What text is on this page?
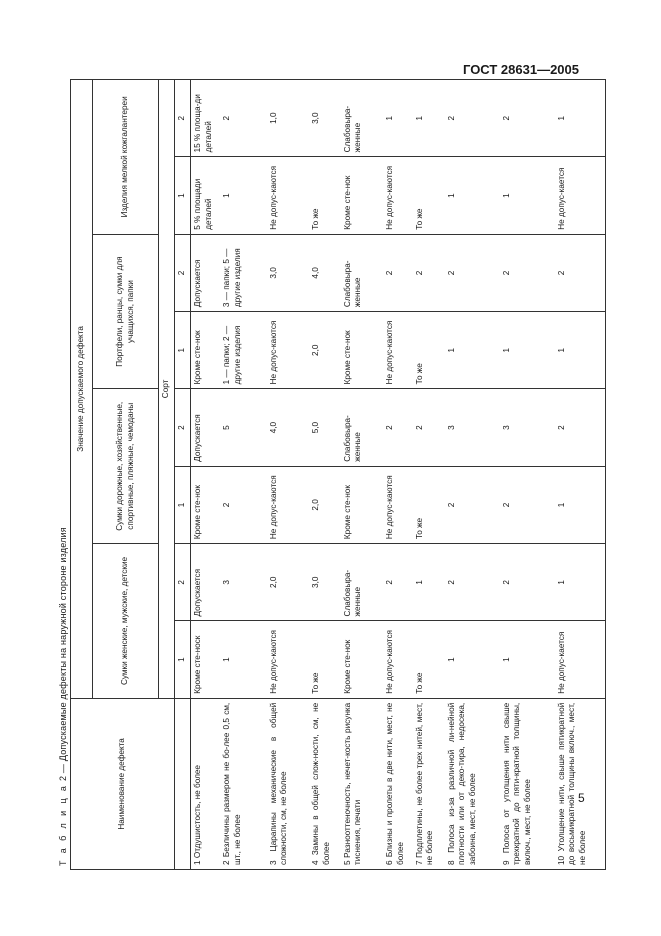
ГОСТ 28631—2005
Т а б л и ц а 2 — Допускаемые дефекты на наружной стороне изделия
Наименование дефекта	Значение допускаемого дефекта							
	Сумки женские, мужские, детские		Сумки дорожные, хозяйственные, спортивные, пляжные, чемоданы		Портфели, ранцы, сумки для учащихся, папки		Изделия мелкой кожгалантереи	
	Сорт							
	1	2	1	2	1	2	1	2
1 Отдушистость, не более	Кроме сте-носк	Допускается	Кроме сте-нок	Допускается	Кроме сте-нок	Допускается	5 % площади деталей	15 % площа-ди деталей
2 Безличины размером не бо-лее 0,5 см, шт., не более	1	3	2	5	1 — папки; 2 — другие изделия	3 — папки; 5 — другие изделия	1	2
3 Царапины механические в общей сложности, см, не более	Не допус-каются	2,0	Не допус-каются	4,0	Не допус-каются	3,0	Не допус-каются	1,0
4 Замины в общей слож-ности, см, не более	То же	3,0	2,0	5,0	2,0	4,0	То же	3,0
5 Разнооттеночность, нечет-кость рисунка тиснения, печати	Кроме сте-нок	Слабовыра-женные	Кроме сте-нок	Слабовыра-женные	Кроме сте-нок	Слабовыра-женные	Кроме сте-нок	Слабовыра-женные
6 Близны и пролеты в две нити, мест, не более	Не допус-каются	2	Не допус-каются	2	Не допус-каются	2	Не допус-каются	1
7 Подплетины, не более трех нитей, мест, не более	То же	1	То же	2	То же	2	То же	1
8 Полоса из-за различной ли-нейной плотности или от деко-тира, недосека, забоина, мест, не более	1	2	2	3	1	2	1	2
9 Полоса от утолщения нити свыше трехкратной до пяти-кратной толщины, включ., мест, не более	1	2	2	3	1	2	1	2
10 Утолщение нити, свыше пятикратной до восьмикратной толщины включ., мест, не более	Не допус-кается	1	1	2	1	2	Не допус-кается	1
5
